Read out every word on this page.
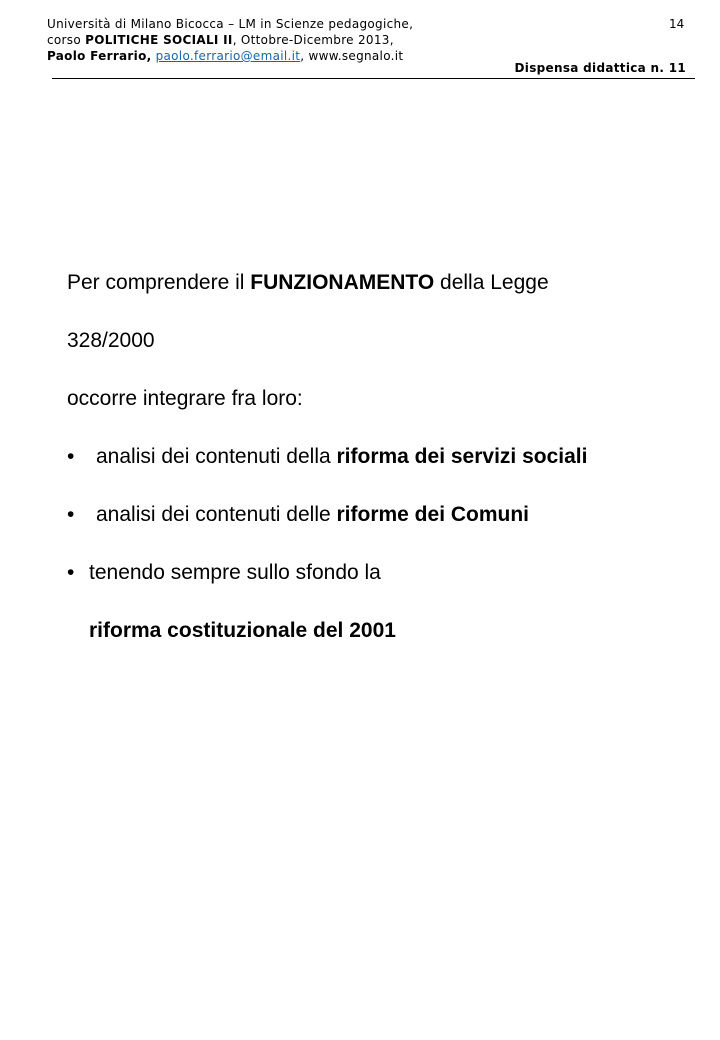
Università di Milano Bicocca – LM in Scienze pedagogiche,
corso POLITICHE SOCIALI II, Ottobre-Dicembre 2013,
Paolo Ferrario, paolo.ferrario@email.it, www.segnalo.it
14
Dispensa didattica n. 11
Per comprendere il FUNZIONAMENTO della Legge
328/2000
occorre integrare fra loro:
• analisi dei contenuti della riforma dei servizi sociali
• analisi dei contenuti delle riforme dei Comuni
• tenendo sempre sullo sfondo la
riforma costituzionale del 2001
